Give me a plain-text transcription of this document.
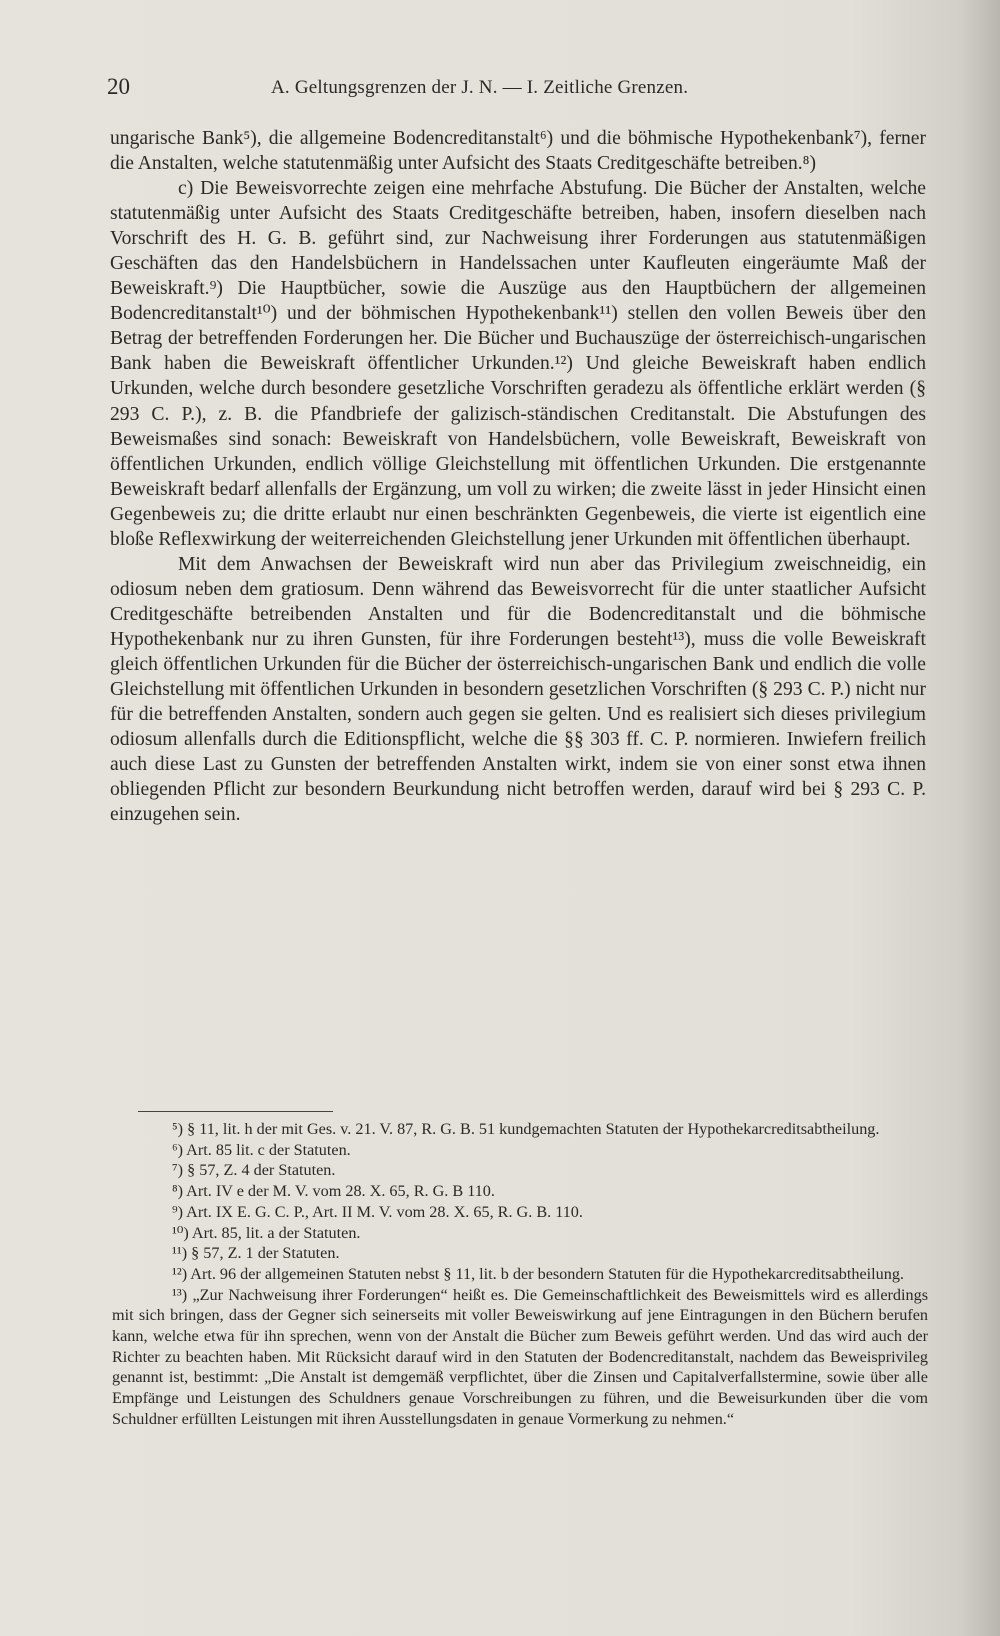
20	A. Geltungsgrenzen der J. N. — I. Zeitliche Grenzen.

ungarische Bank⁵), die allgemeine Bodencreditanstalt⁶) und die böhmische Hypothekenbank⁷), ferner die Anstalten, welche statutenmäßig unter Aufsicht des Staats Creditgeschäfte betreiben.⁸)

c) Die Beweisvorrechte zeigen eine mehrfache Abstufung. Die Bücher der Anstalten, welche statutenmäßig unter Aufsicht des Staats Creditgeschäfte betreiben, haben, insofern dieselben nach Vorschrift des H. G. B. geführt sind, zur Nachweisung ihrer Forderungen aus statutenmäßigen Geschäften das den Handelsbüchern in Handelssachen unter Kaufleuten eingeräumte Maß der Beweiskraft.⁹) Die Hauptbücher, sowie die Auszüge aus den Hauptbüchern der allgemeinen Bodencreditanstalt¹⁰) und der böhmischen Hypothekenbank¹¹) stellen den vollen Beweis über den Betrag der betreffenden Forderungen her. Die Bücher und Buchauszüge der österreichisch-ungarischen Bank haben die Beweiskraft öffentlicher Urkunden.¹²) Und gleiche Beweiskraft haben endlich Urkunden, welche durch besondere gesetzliche Vorschriften geradezu als öffentliche erklärt werden (§ 293 C. P.), z. B. die Pfandbriefe der galizisch-ständischen Creditanstalt. Die Abstufungen des Beweismaßes sind sonach: Beweiskraft von Handelsbüchern, volle Beweiskraft, Beweiskraft von öffentlichen Urkunden, endlich völlige Gleichstellung mit öffentlichen Urkunden. Die erstgenannte Beweiskraft bedarf allenfalls der Ergänzung, um voll zu wirken; die zweite lässt in jeder Hinsicht einen Gegenbeweis zu; die dritte erlaubt nur einen beschränkten Gegenbeweis, die vierte ist eigentlich eine bloße Reflexwirkung der weiterreichenden Gleichstellung jener Urkunden mit öffentlichen überhaupt.

Mit dem Anwachsen der Beweiskraft wird nun aber das Privilegium zweischneidig, ein odiosum neben dem gratiosum. Denn während das Beweisvorrecht für die unter staatlicher Aufsicht Creditgeschäfte betreibenden Anstalten und für die Bodencreditanstalt und die böhmische Hypothekenbank nur zu ihren Gunsten, für ihre Forderungen besteht¹³), muss die volle Beweiskraft gleich öffentlichen Urkunden für die Bücher der österreichisch-ungarischen Bank und endlich die volle Gleichstellung mit öffentlichen Urkunden in besondern gesetzlichen Vorschriften (§ 293 C. P.) nicht nur für die betreffenden Anstalten, sondern auch gegen sie gelten. Und es realisiert sich dieses privilegium odiosum allenfalls durch die Editionspflicht, welche die §§ 303 ff. C. P. normieren. Inwiefern freilich auch diese Last zu Gunsten der betreffenden Anstalten wirkt, indem sie von einer sonst etwa ihnen obliegenden Pflicht zur besondern Beurkundung nicht betroffen werden, darauf wird bei § 293 C. P. einzugehen sein.

⁵) § 11, lit. h der mit Ges. v. 21. V. 87, R. G. B. 51 kundgemachten Statuten der Hypothekarcreditsabtheilung.

⁶) Art. 85 lit. c der Statuten.

⁷) § 57, Z. 4 der Statuten.

⁸) Art. IV e der M. V. vom 28. X. 65, R. G. B 110.

⁹) Art. IX E. G. C. P., Art. II M. V. vom 28. X. 65, R. G. B. 110.

¹⁰) Art. 85, lit. a der Statuten.

¹¹) § 57, Z. 1 der Statuten.

¹²) Art. 96 der allgemeinen Statuten nebst § 11, lit. b der besondern Statuten für die Hypothekarcreditsabtheilung.

¹³) „Zur Nachweisung ihrer Forderungen“ heißt es. Die Gemeinschaftlichkeit des Beweismittels wird es allerdings mit sich bringen, dass der Gegner sich seinerseits mit voller Beweiswirkung auf jene Eintragungen in den Büchern berufen kann, welche etwa für ihn sprechen, wenn von der Anstalt die Bücher zum Beweis geführt werden. Und das wird auch der Richter zu beachten haben. Mit Rücksicht darauf wird in den Statuten der Bodencreditanstalt, nachdem das Beweisprivileg genannt ist, bestimmt: „Die Anstalt ist demgemäß verpflichtet, über die Zinsen und Capitalverfallstermine, sowie über alle Empfänge und Leistungen des Schuldners genaue Vorschreibungen zu führen, und die Beweisurkunden über die vom Schuldner erfüllten Leistungen mit ihren Ausstellungsdaten in genaue Vormerkung zu nehmen.“
